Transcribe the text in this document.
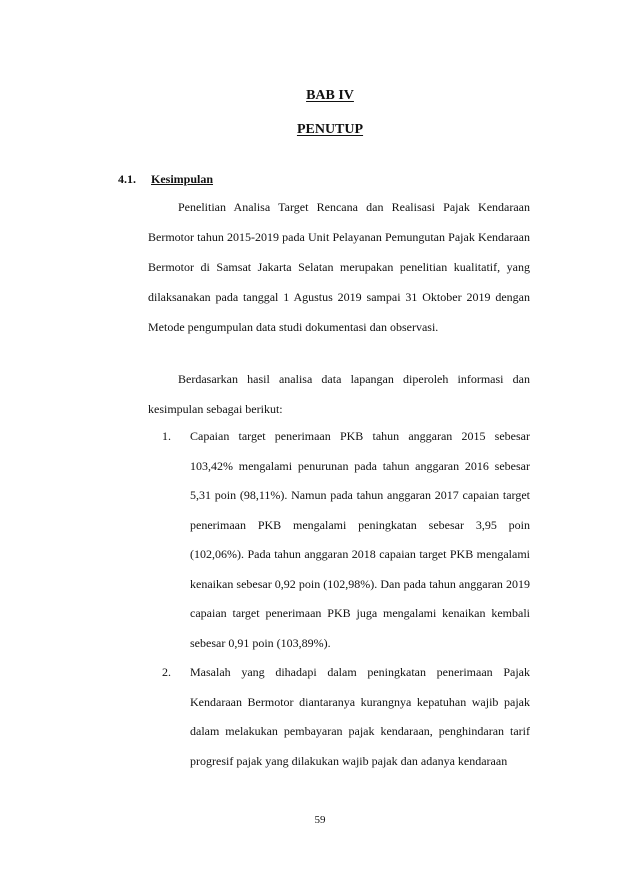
BAB IV
PENUTUP
4.1. Kesimpulan

Penelitian Analisa Target Rencana dan Realisasi Pajak Kendaraan Bermotor tahun 2015-2019 pada Unit Pelayanan Pemungutan Pajak Kendaraan Bermotor di Samsat Jakarta Selatan merupakan penelitian kualitatif, yang dilaksanakan pada tanggal 1 Agustus 2019 sampai 31 Oktober 2019 dengan Metode pengumpulan data studi dokumentasi dan observasi.

Berdasarkan hasil analisa data lapangan diperoleh informasi dan kesimpulan sebagai berikut:

1. Capaian target penerimaan PKB tahun anggaran 2015 sebesar 103,42% mengalami penurunan pada tahun anggaran 2016 sebesar 5,31 poin (98,11%). Namun pada tahun anggaran 2017 capaian target penerimaan PKB mengalami peningkatan sebesar 3,95 poin (102,06%). Pada tahun anggaran 2018 capaian target PKB mengalami kenaikan sebesar 0,92 poin (102,98%). Dan pada tahun anggaran 2019 capaian target penerimaan PKB juga mengalami kenaikan kembali sebesar 0,91 poin (103,89%).
2. Masalah yang dihadapi dalam peningkatan penerimaan Pajak Kendaraan Bermotor diantaranya kurangnya kepatuhan wajib pajak dalam melakukan pembayaran pajak kendaraan, penghindaran tarif progresif pajak yang dilakukan wajib pajak dan adanya kendaraan
59
